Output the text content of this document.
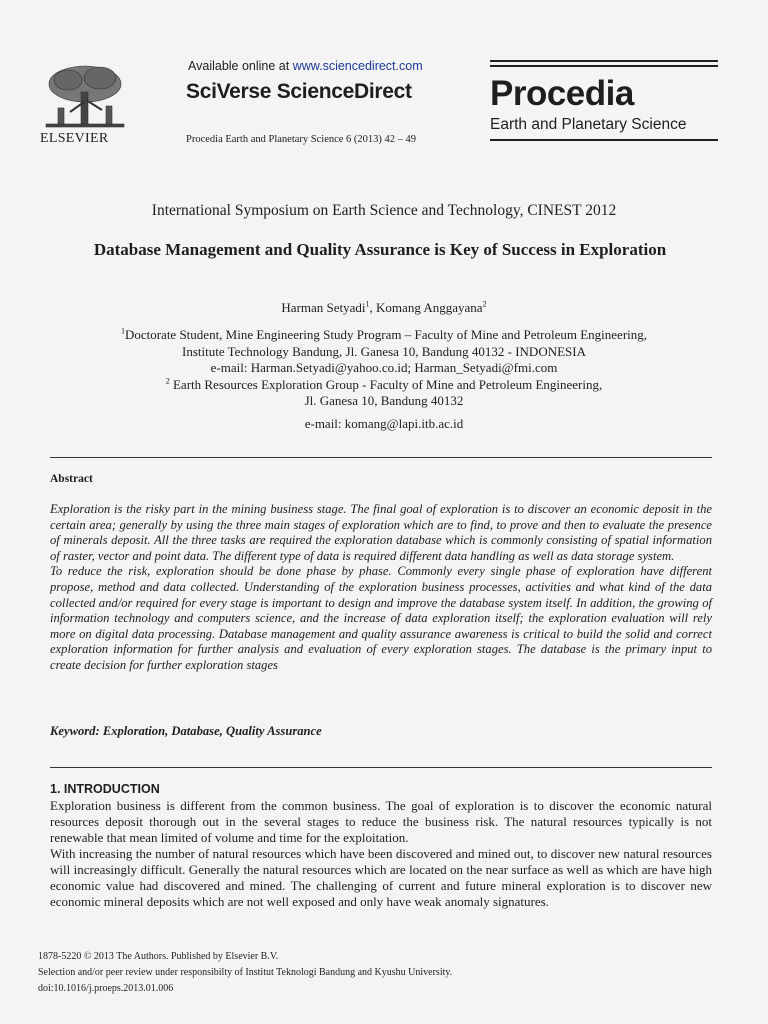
ELSEVIER
Available online at www.sciencedirect.com
SciVerse ScienceDirect
Procedia Earth and Planetary Science 6 (2013) 42 – 49
Procedia
Earth and Planetary Science
International Symposium on Earth Science and Technology, CINEST 2012
Database Management and Quality Assurance is Key of Success in Exploration
Harman Setyadi$^1$, Komang Anggayana$^2$
$^1$Doctorate Student, Mine Engineering Study Program – Faculty of Mine and Petroleum Engineering,
Institute Technology Bandung, Jl. Ganesa 10, Bandung 40132 - INDONESIA
e-mail: Harman.Setyadi@yahoo.co.id; Harman_Setyadi@fmi.com
$^2$ Earth Resources Exploration Group - Faculty of Mine and Petroleum Engineering,
Jl. Ganesa 10, Bandung 40132
e-mail: komang@lapi.itb.ac.id
Abstract

Exploration is the risky part in the mining business stage. The final goal of exploration is to discover an economic deposit in the certain area; generally by using the three main stages of exploration which are to find, to prove and then to evaluate the presence of minerals deposit. All the three tasks are required the exploration database which is commonly consisting of spatial information of raster, vector and point data. The different type of data is required different data handling as well as data storage system.

To reduce the risk, exploration should be done phase by phase. Commonly every single phase of exploration have different propose, method and data collected. Understanding of the exploration business processes, activities and what kind of the data collected and/or required for every stage is important to design and improve the database system itself. In addition, the growing of information technology and computers science, and the increase of data exploration itself; the exploration evaluation will rely more on digital data processing. Database management and quality assurance awareness is critical to build the solid and correct exploration information for further analysis and evaluation of every exploration stages. The database is the primary input to create decision for further exploration stages

Keyword: Exploration, Database, Quality Assurance
1. INTRODUCTION

Exploration business is different from the common business. The goal of exploration is to discover the economic natural resources deposit thorough out in the several stages to reduce the business risk. The natural resources typically is not renewable that mean limited of volume and time for the exploitation.

With increasing the number of natural resources which have been discovered and mined out, to discover new natural resources will increasingly difficult. Generally the natural resources which are located on the near surface as well as which are have high economic value had discovered and mined. The challenging of current and future mineral exploration is to discover new economic mineral deposits which are not well exposed and only have weak anomaly signatures.

1878-5220 © 2013 The Authors. Published by Elsevier B.V.
Selection and/or peer review under responsibilty of Institut Teknologi Bandung and Kyushu University.
doi:10.1016/j.proeps.2013.01.006
